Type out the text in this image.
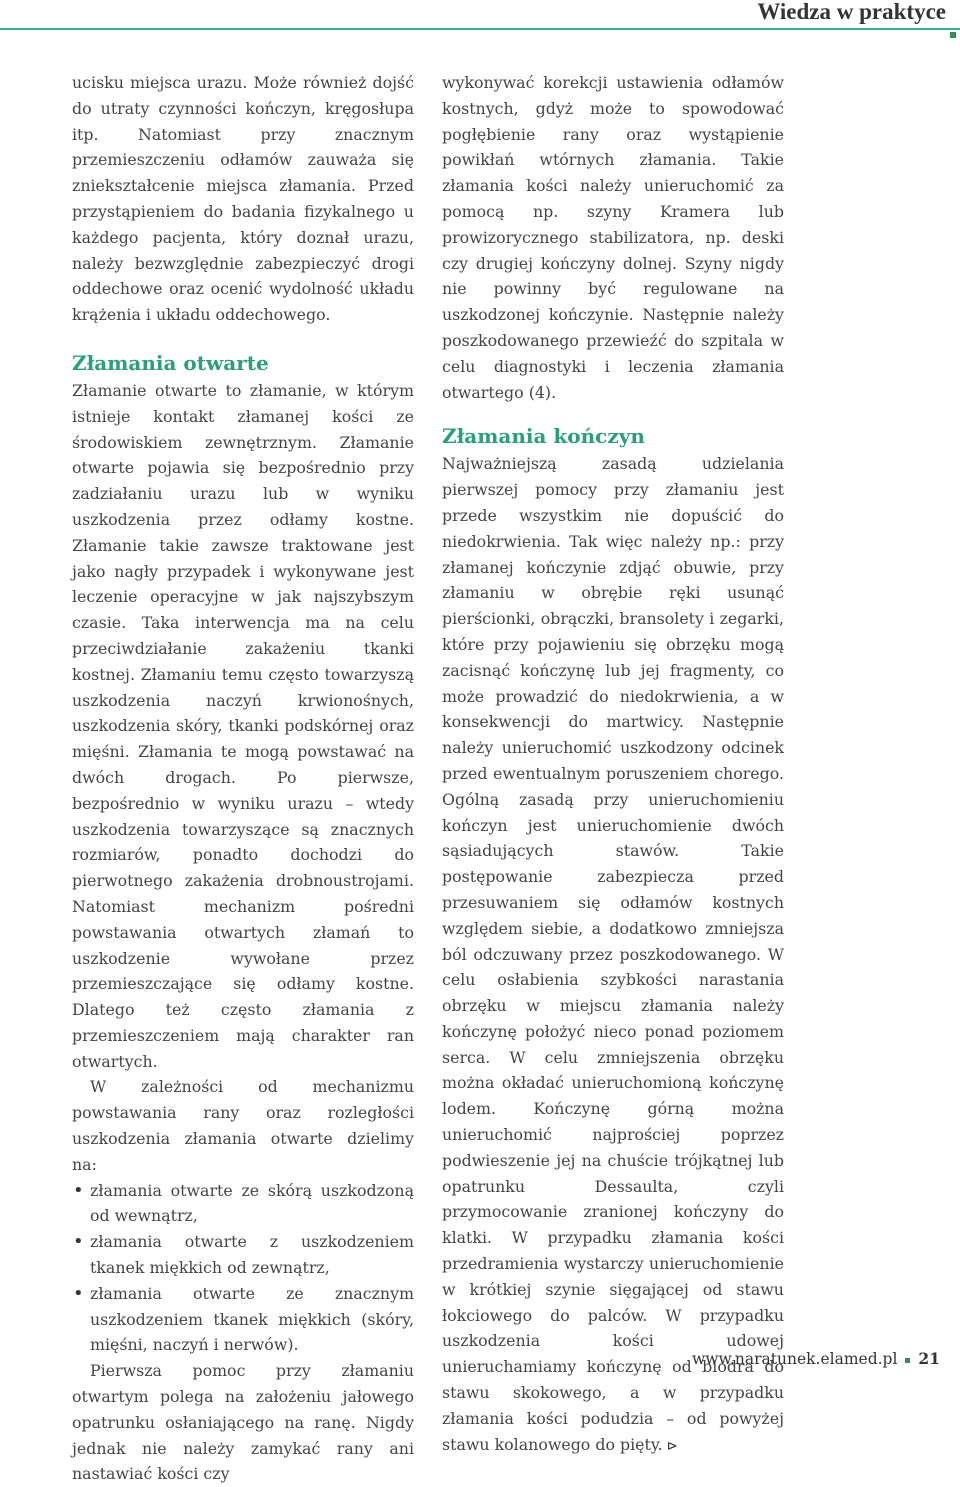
Wiedza w praktyce

ucisku miejsca urazu. Może również dojść do utraty czynności kończyn, kręgosłupa itp. Natomiast przy znacznym przemieszczeniu odłamów zauważa się zniekształcenie miejsca złamania. Przed przystąpieniem do badania fizykalnego u każdego pacjenta, który doznał urazu, należy bezwzględnie zabezpieczyć drogi oddechowe oraz ocenić wydolność układu krążenia i układu oddechowego.

Złamania otwarte

Złamanie otwarte to złamanie, w którym istnieje kontakt złamanej kości ze środowiskiem zewnętrznym. Złamanie otwarte pojawia się bezpośrednio przy zadziałaniu urazu lub w wyniku uszkodzenia przez odłamy kostne. Złamanie takie zawsze traktowane jest jako nagły przypadek i wykonywane jest leczenie operacyjne w jak najszybszym czasie. Taka interwencja ma na celu przeciwdziałanie zakażeniu tkanki kostnej. Złamaniu temu często towarzyszą uszkodzenia naczyń krwionośnych, uszkodzenia skóry, tkanki podskórnej oraz mięśni. Złamania te mogą powstawać na dwóch drogach. Po pierwsze, bezpośrednio w wyniku urazu – wtedy uszkodzenia towarzyszące są znacznych rozmiarów, ponadto dochodzi do pierwotnego zakażenia drobnoustrojami. Natomiast mechanizm pośredni powstawania otwartych złamań to uszkodzenie wywołane przez przemieszczające się odłamy kostne. Dlatego też często złamania z przemieszczeniem mają charakter ran otwartych.

W zależności od mechanizmu powstawania rany oraz rozległości uszkodzenia złamania otwarte dzielimy na:

• złamania otwarte ze skórą uszkodzoną od wewnątrz,
• złamania otwarte z uszkodzeniem tkanek miękkich od zewnątrz,
• złamania otwarte ze znacznym uszkodzeniem tkanek miękkich (skóry, mięśni, naczyń i nerwów).

Pierwsza pomoc przy złamaniu otwartym polega na założeniu jałowego opatrunku osłaniającego na ranę. Nigdy jednak nie należy zamykać rany ani nastawiać kości czy

wykonywać korekcji ustawienia odłamów kostnych, gdyż może to spowodować pogłębienie rany oraz wystąpienie powikłań wtórnych złamania. Takie złamania kości należy unieruchomić za pomocą np. szyny Kramera lub prowizorycznego stabilizatora, np. deski czy drugiej kończyny dolnej. Szyny nigdy nie powinny być regulowane na uszkodzonej kończynie. Następnie należy poszkodowanego przewieźć do szpitala w celu diagnostyki i leczenia złamania otwartego (4).

Złamania kończyn

Najważniejszą zasadą udzielania pierwszej pomocy przy złamaniu jest przede wszystkim nie dopuścić do niedokrwienia. Tak więc należy np.: przy złamanej kończynie zdjąć obuwie, przy złamaniu w obrębie ręki usunąć pierścionki, obrączki, bransolety i zegarki, które przy pojawieniu się obrzęku mogą zacisnąć kończynę lub jej fragmenty, co może prowadzić do niedokrwienia, a w konsekwencji do martwicy. Następnie należy unieruchomić uszkodzony odcinek przed ewentualnym poruszeniem chorego. Ogólną zasadą przy unieruchomieniu kończyn jest unieruchomienie dwóch sąsiadujących stawów. Takie postępowanie zabezpiecza przed przesuwaniem się odłamów kostnych względem siebie, a dodatkowo zmniejsza ból odczuwany przez poszkodowanego. W celu osłabienia szybkości narastania obrzęku w miejscu złamania należy kończynę położyć nieco ponad poziomem serca. W celu zmniejszenia obrzęku można okładać unieruchomioną kończynę lodem. Kończynę górną można unieruchomić najprościej poprzez podwieszenie jej na chuście trójkątnej lub opatrunku Dessaulta, czyli przymocowanie zranionej kończyny do klatki. W przypadku złamania kości przedramienia wystarczy unieruchomienie w krótkiej szynie sięgającej od stawu łokciowego do palców. W przypadku uszkodzenia kości udowej unieruchamiamy kończynę od biodra do stawu skokowego, a w przypadku złamania kości podudzia – od powyżej stawu kolanowego do pięty. ⊳

www.naratunek.elamed.pl 21
